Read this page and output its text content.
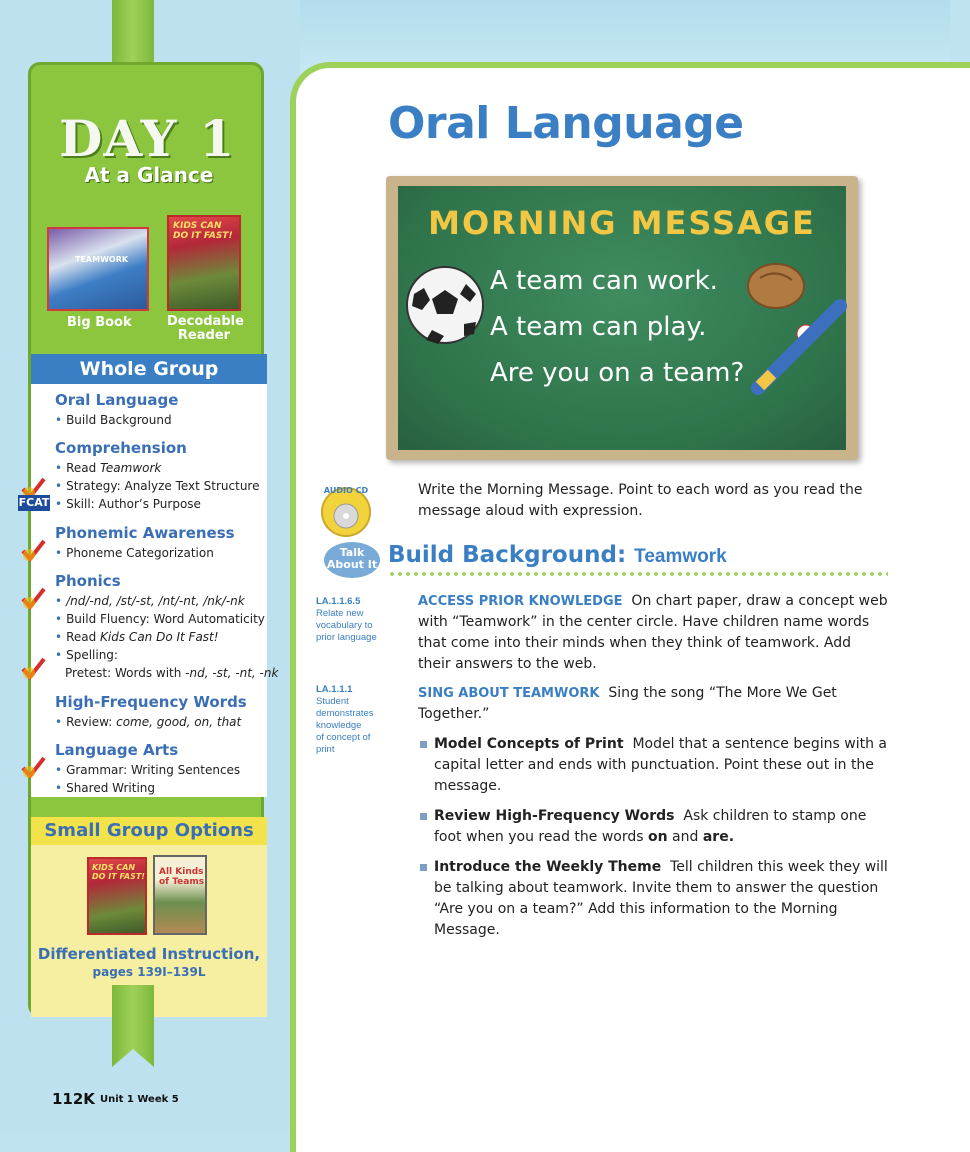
DAY 1
At a Glance
TEAMWORK
KIDS CAN DO IT FAST!
Big Book	Decodable
Reader
Whole Group
Oral Language
• Build Background
Comprehension
• Read Teamwork
• Strategy: Analyze Text Structure
• Skill: Author’s Purpose
Phonemic Awareness
• Phoneme Categorization
Phonics
• /nd/-nd, /st/-st, /nt/-nt, /nk/-nk
• Build Fluency: Word Automaticity
• Read Kids Can Do It Fast!
• Spelling:
Pretest: Words with -nd, -st, -nt, -nk
High-Frequency Words
• Review: come, good, on, that
Language Arts
• Grammar: Writing Sentences
• Shared Writing
Small Group Options
KIDS CAN DO IT FAST! All Kinds of Teams
Differentiated Instruction,
pages 139I–139L
FCAT
112K Unit 1 Week 5
Oral Language
MORNING MESSAGE
A team can work.
A team can play.
Are you on a team?
AUDIO CD	Write the Morning Message. Point to each word as you read the message aloud with expression.
Talk
About It Build Background: Teamwork
LA.1.1.6.5
Relate new
vocabulary to
prior language
LA.1.1.1
Student
demonstrates
knowledge
of concept of
print
ACCESS PRIOR KNOWLEDGE On chart paper, draw a concept web with “Teamwork” in the center circle. Have children name words that come into their minds when they think of teamwork. Add their answers to the web.
SING ABOUT TEAMWORK Sing the song “The More We Get Together.”
Model Concepts of Print Model that a sentence begins with a capital letter and ends with punctuation. Point these out in the message.
Review High-Frequency Words Ask children to stamp one foot when you read the words on and are.
Introduce the Weekly Theme Tell children this week they will be talking about teamwork. Invite them to answer the question “Are you on a team?” Add this information to the Morning Message.
